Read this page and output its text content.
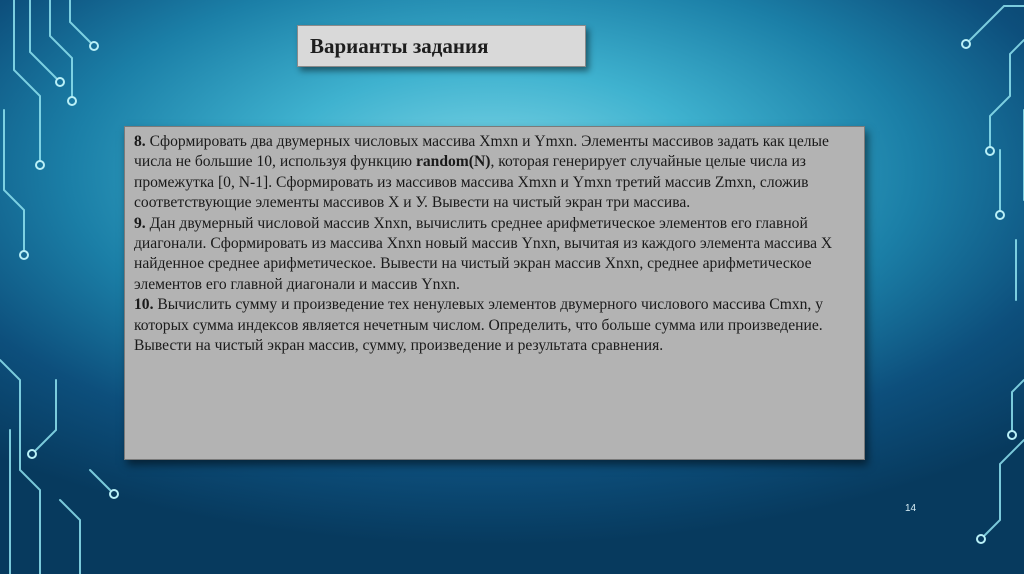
Варианты задания

8. Сформировать два двумерных числовых массива Xmxn и Ymxn. Элементы массивов задать как целые числа не большие 10, используя функцию random(N), которая генерирует случайные целые числа из промежутка [0, N-1]. Сформировать из массивов массива Xmxn и Ymxn третий массив Zmxn, сложив соответствующие элементы массивов X и У. Вывести на чистый экран три массива.

9. Дан двумерный числовой массив Xnxn, вычислить среднее арифметическое элементов его главной диагонали. Сформировать из массива Xnxn новый массив Ynxn, вычитая из каждого элемента массива X найденное среднее арифметическое. Вывести на чистый экран массив Xnxn, среднее арифметическое элементов его главной диагонали и массив Ynxn.

10. Вычислить сумму и произведение тех ненулевых элементов двумерного числового массива Cmxn, у которых сумма индексов является нечетным числом. Определить, что больше сумма или произведение. Вывести на чистый экран массив, сумму, произведение и результата сравнения.

14
